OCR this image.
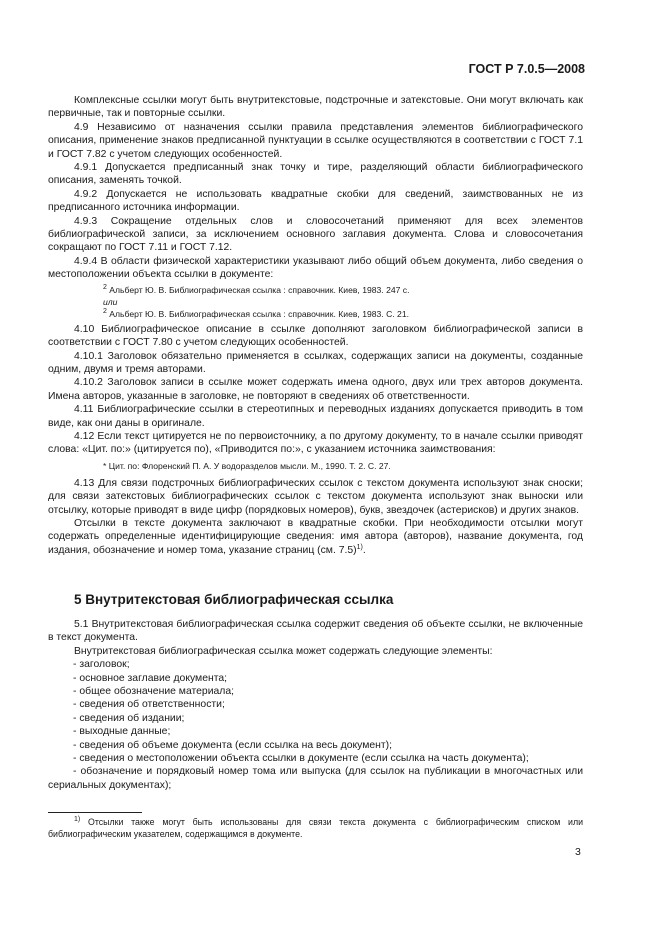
ГОСТ Р 7.0.5—2008

Комплексные ссылки могут быть внутритекстовые, подстрочные и затекстовые. Они могут включать как первичные, так и повторные ссылки.

4.9 Независимо от назначения ссылки правила представления элементов библиографического описания, применение знаков предписанной пунктуации в ссылке осуществляются в соответствии с ГОСТ 7.1 и ГОСТ 7.82 с учетом следующих особенностей.

4.9.1 Допускается предписанный знак точку и тире, разделяющий области библиографического описания, заменять точкой.

4.9.2 Допускается не использовать квадратные скобки для сведений, заимствованных не из предписанного источника информации.

4.9.3 Сокращение отдельных слов и словосочетаний применяют для всех элементов библиографической записи, за исключением основного заглавия документа. Слова и словосочетания сокращают по ГОСТ 7.11 и ГОСТ 7.12.

4.9.4 В области физической характеристики указывают либо общий объем документа, либо сведения о местоположении объекта ссылки в документе:

$^2$ Альберт Ю. В. Библиографическая ссылка : справочник. Киев, 1983. 247 с.
или
$^2$ Альберт Ю. В. Библиографическая ссылка : справочник. Киев, 1983. С. 21.

4.10 Библиографическое описание в ссылке дополняют заголовком библиографической записи в соответствии с ГОСТ 7.80 с учетом следующих особенностей.

4.10.1 Заголовок обязательно применяется в ссылках, содержащих записи на документы, созданные одним, двумя и тремя авторами.

4.10.2 Заголовок записи в ссылке может содержать имена одного, двух или трех авторов документа. Имена авторов, указанные в заголовке, не повторяют в сведениях об ответственности.

4.11 Библиографические ссылки в стереотипных и переводных изданиях допускается приводить в том виде, как они даны в оригинале.

4.12 Если текст цитируется не по первоисточнику, а по другому документу, то в начале ссылки приводят слова: «Цит. по:» (цитируется по), «Приводится по:», с указанием источника заимствования:

* Цит. по: Флоренский П. А. У водоразделов мысли. М., 1990. Т. 2. С. 27.

4.13 Для связи подстрочных библиографических ссылок с текстом документа используют знак сноски; для связи затекстовых библиографических ссылок с текстом документа используют знак выноски или отсылку, которые приводят в виде цифр (порядковых номеров), букв, звездочек (астерисков) и других знаков.

Отсылки в тексте документа заключают в квадратные скобки. При необходимости отсылки могут содержать определенные идентифицирующие сведения: имя автора (авторов), название документа, год издания, обозначение и номер тома, указание страниц (см. 7.5)$^{1)}$.

5 Внутритекстовая библиографическая ссылка

5.1 Внутритекстовая библиографическая ссылка содержит сведения об объекте ссылки, не включенные в текст документа.

Внутритекстовая библиографическая ссылка может содержать следующие элементы:

- заголовок;

- основное заглавие документа;

- общее обозначение материала;

- сведения об ответственности;

- сведения об издании;

- выходные данные;

- сведения об объеме документа (если ссылка на весь документ);

- сведения о местоположении объекта ссылки в документе (если ссылка на часть документа);

- обозначение и порядковый номер тома или выпуска (для ссылок на публикации в многочастных или сериальных документах);

$^{1)}$ Отсылки также могут быть использованы для связи текста документа с библиографическим списком или библиографическим указателем, содержащимся в документе.

3
